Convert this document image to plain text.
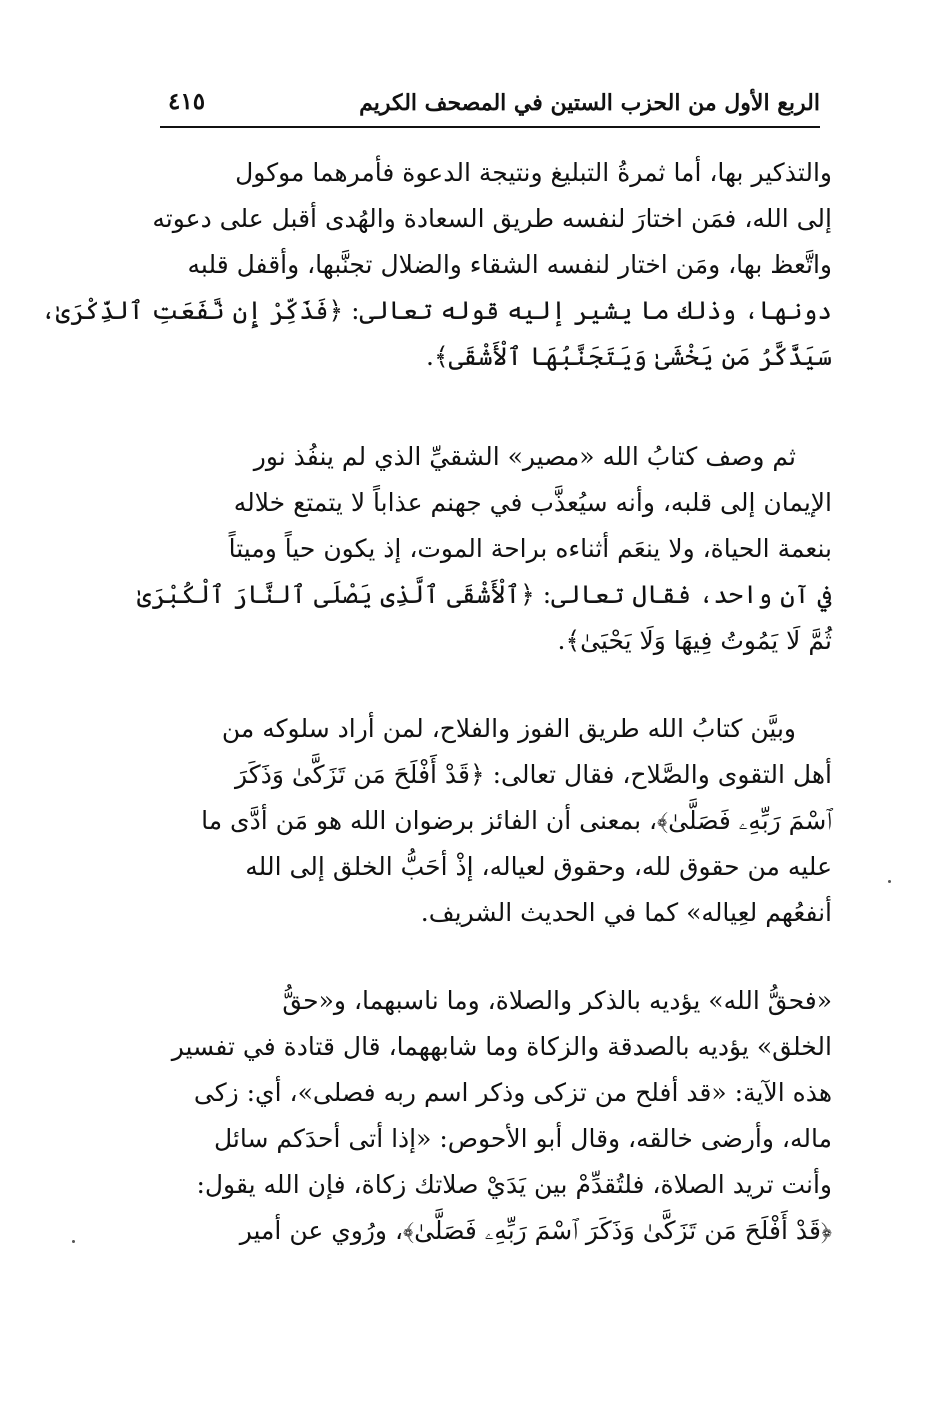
الربع الأول من الحزب الستين في المصحف الكريم
٤١٥

والتذكير بها، أما ثمرةُ التبليغ ونتيجة الدعوة فأمرهما موكول
إلى الله، فمَن اختارَ لنفسه طريق السعادة والهُدى أقبل على دعوته
واتَّعظ بها، ومَن اختار لنفسه الشقاء والضلال تجنَّبها، وأقفل قلبه
دونها، وذلك ما يشير إليه قوله تعالى: ﴿فَذَكِّرْ إِن نَّفَعَتِ ٱلذِّكْرَىٰ،
سَيَذَّكَّرُ مَن يَخْشَىٰ وَيَتَجَنَّبُهَا ٱلْأَشْقَى﴾.

ثم وصف كتابُ الله «مصير» الشقيِّ الذي لم ينفُذ نور
الإيمان إلى قلبه، وأنه سيُعذَّب في جهنم عذاباً لا يتمتع خلاله
بنعمة الحياة، ولا ينعَم أثناءه براحة الموت، إذ يكون حياً وميتاً
في آن واحد، فقال تعالى: ﴿ٱلْأَشْقَى ٱلَّذِى يَصْلَى ٱلنَّارَ ٱلْكُبْرَىٰ
ثُمَّ لَا يَمُوتُ فِيهَا وَلَا يَحْيَىٰ﴾.

وبيَّن كتابُ الله طريق الفوز والفلاح، لمن أراد سلوكه من
أهل التقوى والصَّلاح، فقال تعالى: ﴿قَدْ أَفْلَحَ مَن تَزَكَّىٰ وَذَكَرَ
ٱسْمَ رَبِّهِۦ فَصَلَّىٰ﴾، بمعنى أن الفائز برضوان الله هو مَن أدَّى ما
عليه من حقوق لله، وحقوق لعياله، إذْ أحَبُّ الخلق إلى الله
أنفعُهم لعِياله» كما في الحديث الشريف.

«فحقُّ الله» يؤديه بالذكر والصلاة، وما ناسبهما، و«حقُّ
الخلق» يؤديه بالصدقة والزكاة وما شابههما، قال قتادة في تفسير
هذه الآية: «قد أفلح من تزكى وذكر اسم ربه فصلى»، أي: زكى
ماله، وأرضى خالقه، وقال أبو الأحوص: «إذا أتى أحدَكم سائل
وأنت تريد الصلاة، فلتُقدِّمْ بين يَدَيْ صلاتك زكاة، فإن الله يقول:
﴿قَدْ أَفْلَحَ مَن تَزَكَّىٰ وَذَكَرَ ٱسْمَ رَبِّهِۦ فَصَلَّىٰ﴾، ورُوي عن أمير
